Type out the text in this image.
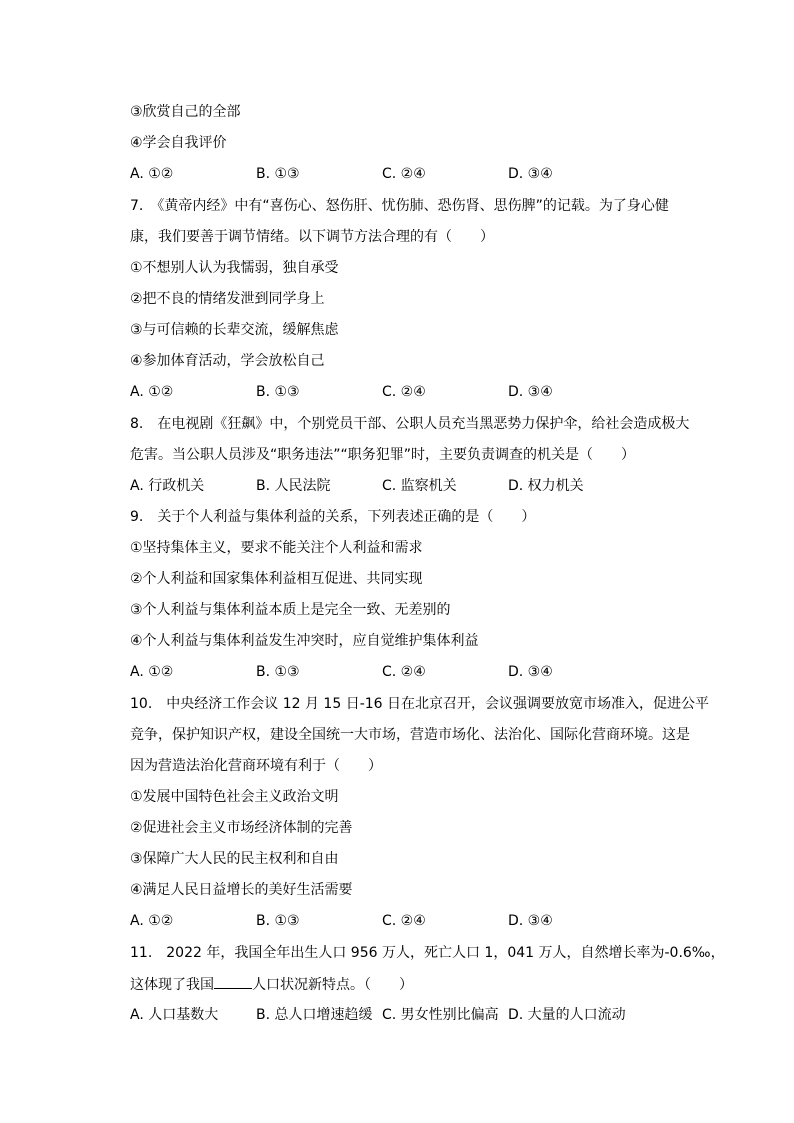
③欣赏自己的全部
④学会自我评价
A. ①②	B. ①③	C. ②④	D. ③④
7.　《黄帝内经》中有“喜伤心、怒伤肝、忧伤肺、恐伤肾、思伤脾”的记载。为了身心健
康，我们要善于调节情绪。以下调节方法合理的有（　　）
①不想别人认为我懦弱，独自承受
②把不良的情绪发泄到同学身上
③与可信赖的长辈交流，缓解焦虑
④参加体育活动，学会放松自己
A. ①②	B. ①③	C. ②④	D. ③④
8.　在电视剧《狂飙》中，个别党员干部、公职人员充当黑恶势力保护伞，给社会造成极大
危害。当公职人员涉及“职务违法”“职务犯罪”时，主要负责调查的机关是（　　）
A. 行政机关	B. 人民法院	C. 监察机关	D. 权力机关
9.　关于个人利益与集体利益的关系，下列表述正确的是（　　）
①坚持集体主义，要求不能关注个人利益和需求
②个人利益和国家集体利益相互促进、共同实现
③个人利益与集体利益本质上是完全一致、无差别的
④个人利益与集体利益发生冲突时，应自觉维护集体利益
A. ①②	B. ①③	C. ②④	D. ③④
10.　中央经济工作会议 12 月 15 日-16 日在北京召开，会议强调要放宽市场准入，促进公平
竞争，保护知识产权，建设全国统一大市场，营造市场化、法治化、国际化营商环境。这是
因为营造法治化营商环境有利于（　　）
①发展中国特色社会主义政治文明
②促进社会主义市场经济体制的完善
③保障广大人民的民主权利和自由
④满足人民日益增长的美好生活需要
A. ①②	B. ①③	C. ②④	D. ③④
11.　2022 年，我国全年出生人口 956 万人，死亡人口 1，041 万人，自然增长率为-0.6‰，
这体现了我国	人口状况新特点。（　　）
A. 人口基数大	B. 总人口增速趋缓 C. 男女性别比偏高 D. 大量的人口流动
